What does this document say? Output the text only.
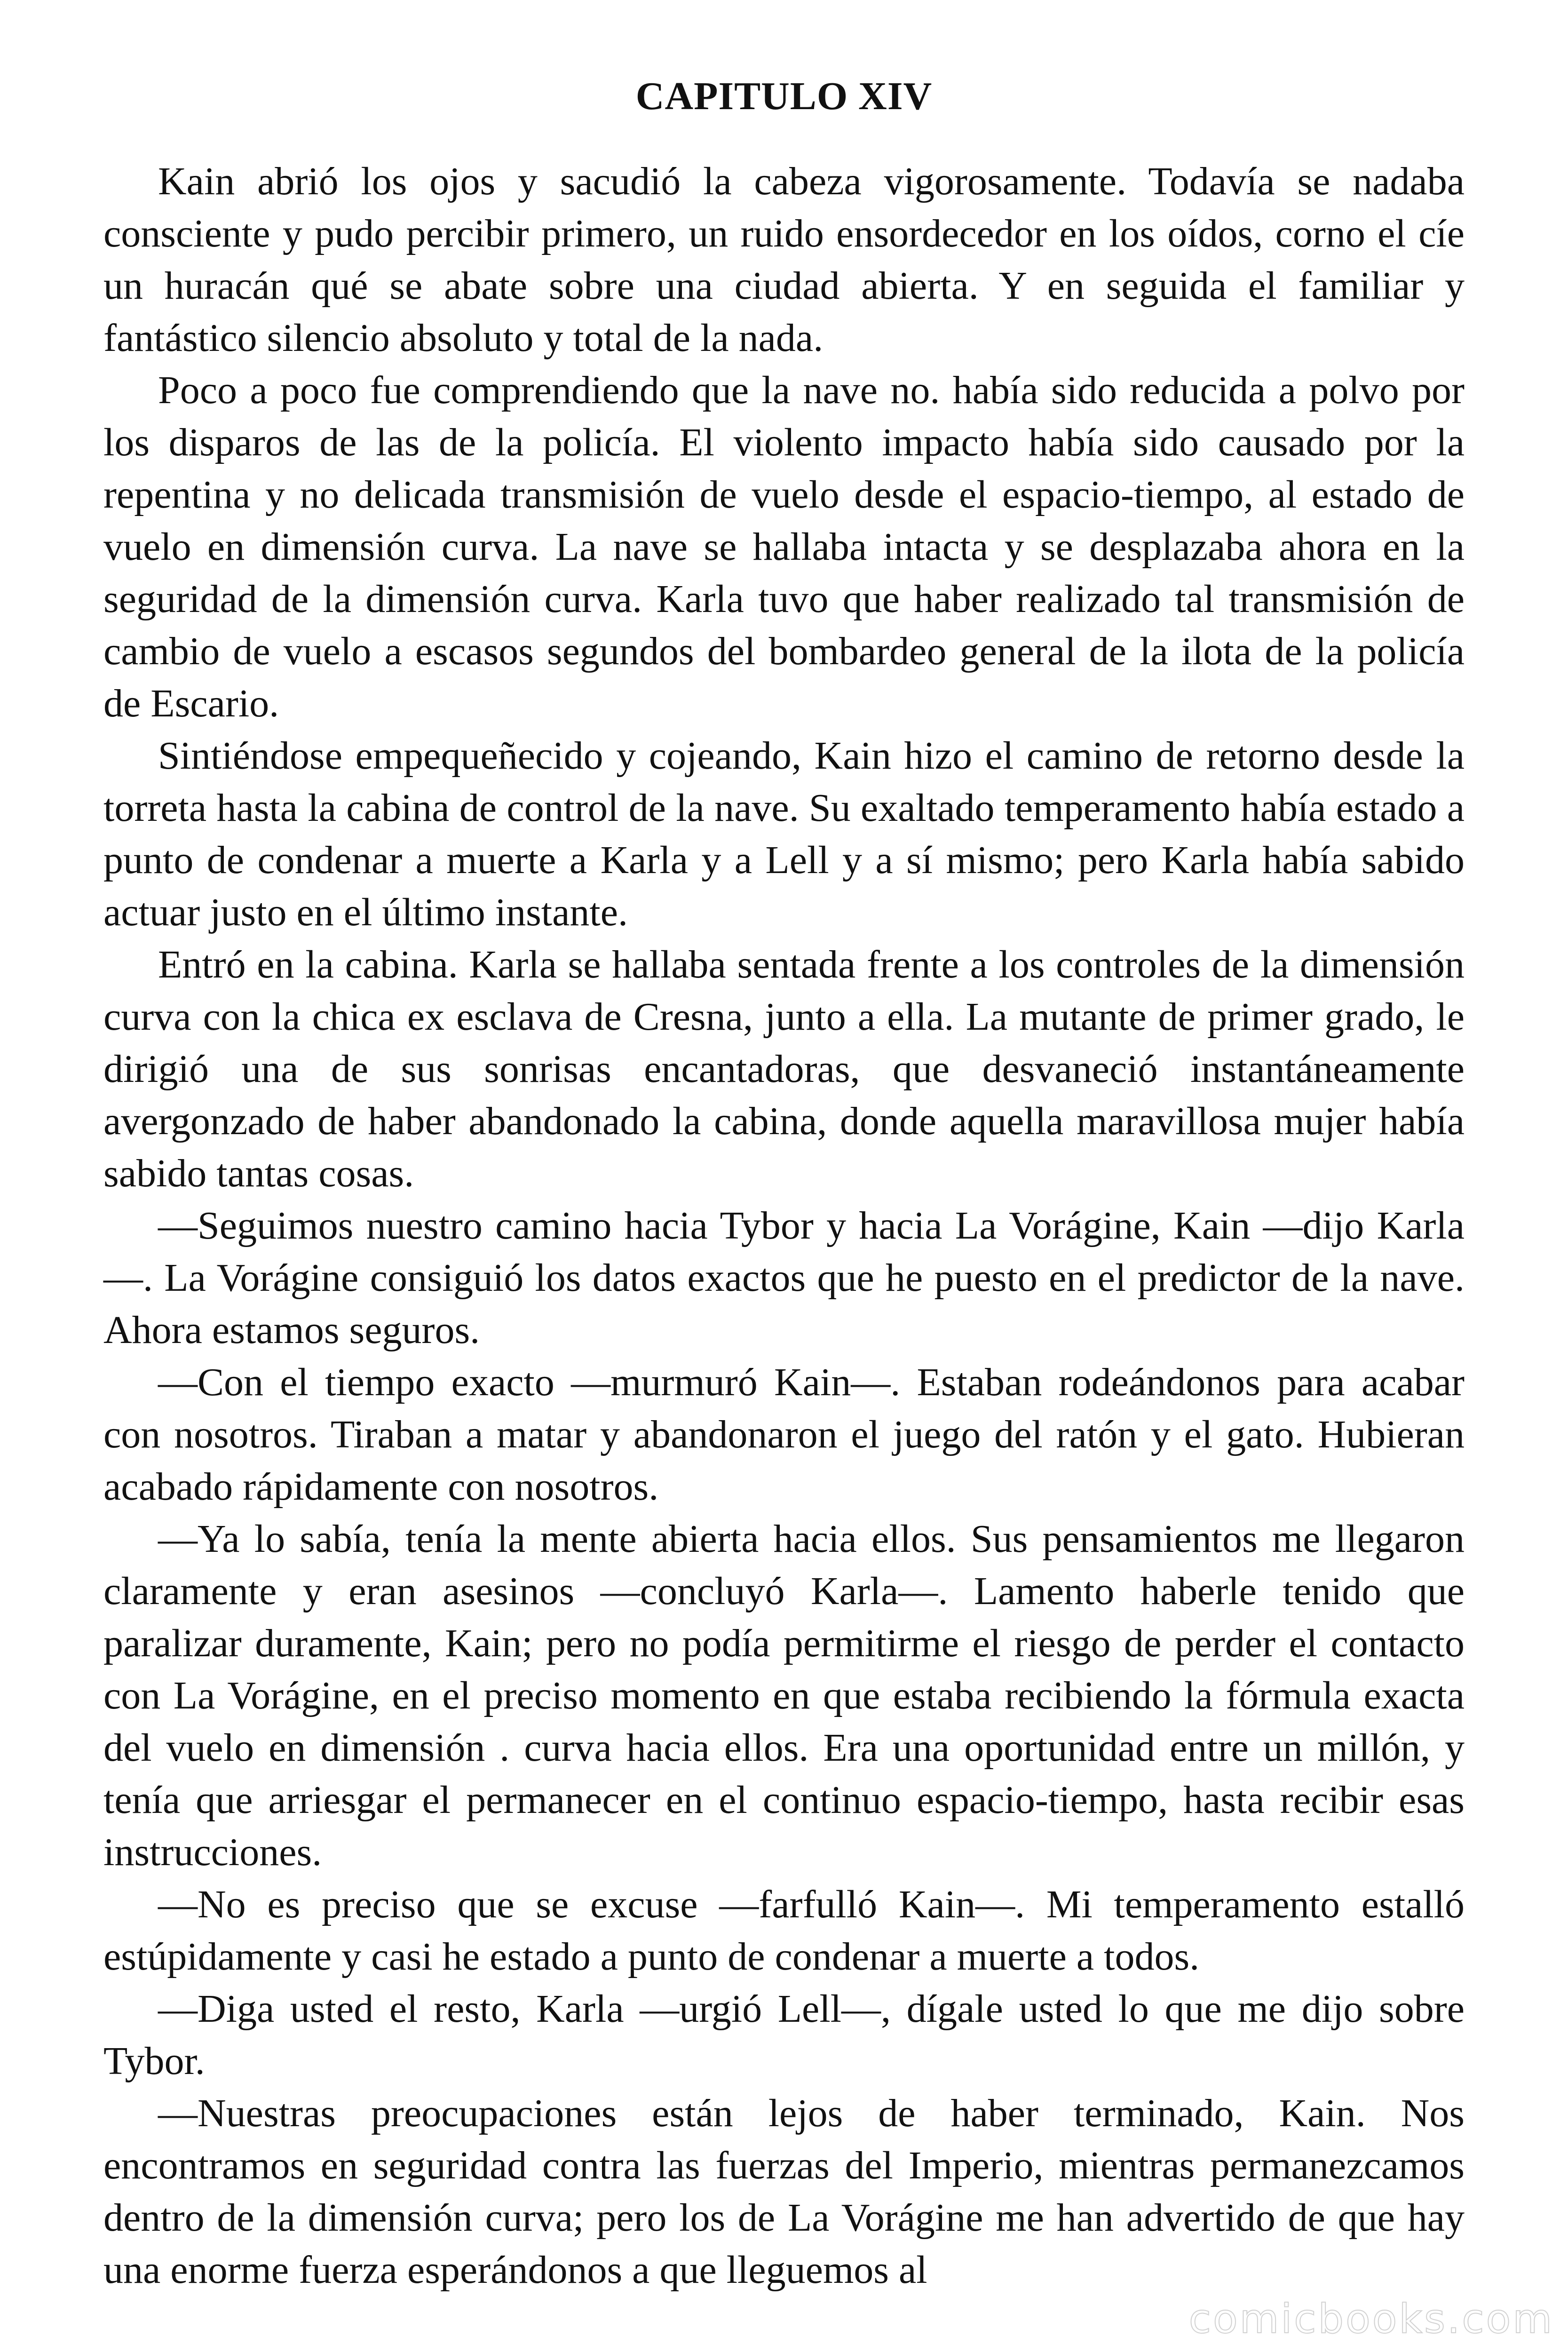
CAPITULO XIV

Kain abrió los ojos y sacudió la cabeza vigorosamente. Todavía se nadaba consciente y pudo percibir primero, un ruido ensordecedor en los oídos, corno el cíe un huracán qué se abate sobre una ciudad abierta. Y en seguida el familiar y fantástico silencio absoluto y total de la nada.

Poco a poco fue comprendiendo que la nave no. había sido reducida a polvo por los disparos de las de la policía. El violento impacto había sido causado por la repentina y no delicada transmisión de vuelo desde el espacio-tiempo, al estado de vuelo en dimensión curva. La nave se hallaba intacta y se desplazaba ahora en la seguridad de la dimensión curva. Karla tuvo que haber realizado tal transmisión de cambio de vuelo a escasos segundos del bombardeo general de la ilota de la policía de Escario.

Sintiéndose empequeñecido y cojeando, Kain hizo el camino de retorno desde la torreta hasta la cabina de control de la nave. Su exaltado temperamento había estado a punto de condenar a muerte a Karla y a Lell y a sí mismo; pero Karla había sabido actuar justo en el último instante.

Entró en la cabina. Karla se hallaba sentada frente a los controles de la dimensión curva con la chica ex esclava de Cresna, junto a ella. La mutante de primer grado, le dirigió una de sus sonrisas encantadoras, que desvaneció instantáneamente avergonzado de haber abandonado la cabina, donde aquella maravillosa mujer había sabido tantas cosas.

—Seguimos nuestro camino hacia Tybor y hacia La Vorágine, Kain —dijo Karla—. La Vorágine consiguió los datos exactos que he puesto en el predictor de la nave. Ahora estamos seguros.

—Con el tiempo exacto —murmuró Kain—. Estaban rodeándonos para acabar con nosotros. Tiraban a matar y abandonaron el juego del ratón y el gato. Hubieran acabado rápidamente con nosotros.

—Ya lo sabía, tenía la mente abierta hacia ellos. Sus pensamientos me llegaron claramente y eran asesinos —concluyó Karla—. Lamento haberle tenido que paralizar duramente, Kain; pero no podía permitirme el riesgo de perder el contacto con La Vorágine, en el preciso momento en que estaba recibiendo la fórmula exacta del vuelo en dimensión . curva hacia ellos. Era una oportunidad entre un millón, y tenía que arriesgar el permanecer en el continuo espacio-tiempo, hasta recibir esas instrucciones.

—No es preciso que se excuse —farfulló Kain—. Mi temperamento estalló estúpidamente y casi he estado a punto de condenar a muerte a todos.

—Diga usted el resto, Karla —urgió Lell—, dígale usted lo que me dijo sobre Tybor.

—Nuestras preocupaciones están lejos de haber terminado, Kain. Nos encontramos en seguridad contra las fuerzas del Imperio, mientras permanezcamos dentro de la dimensión curva; pero los de La Vorágine me han advertido de que hay una enorme fuerza esperándonos a que lleguemos al

comicbooks.com
